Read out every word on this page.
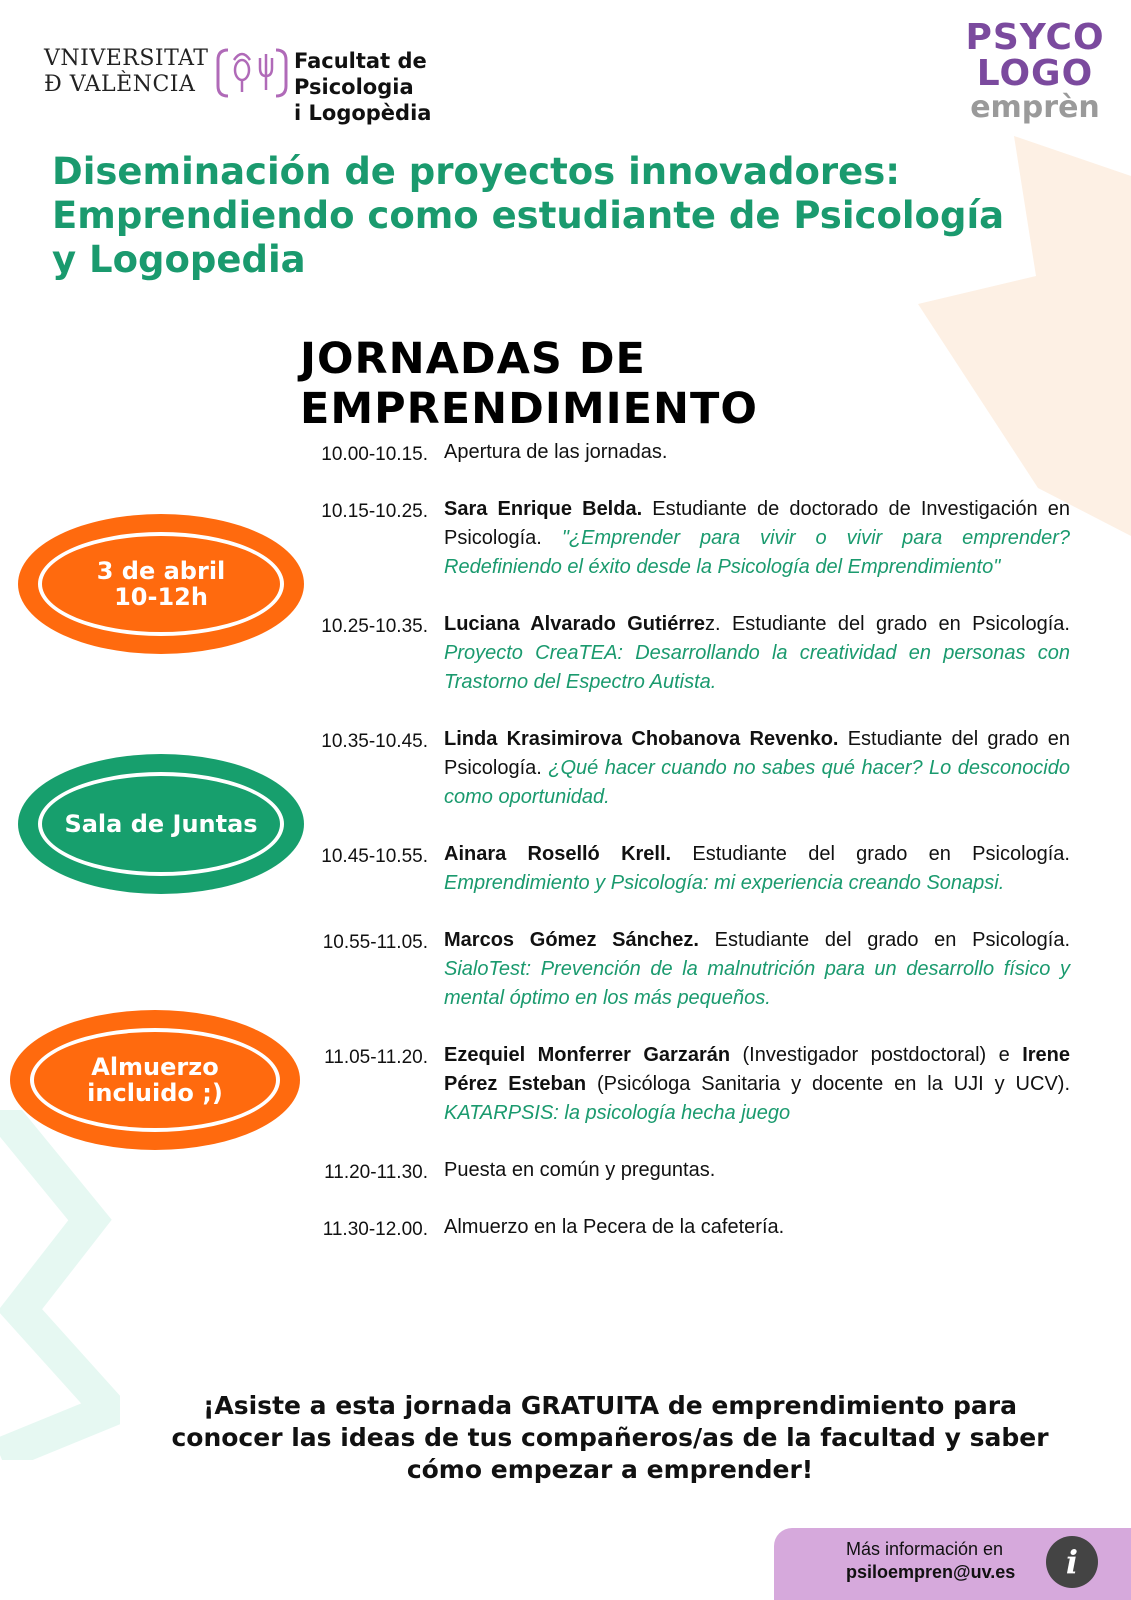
VNIVERSITAT
Ð VALÈNCIA
Facultat de Psicologia
i Logopèdia
PSYCO
LOGO
emprèn
Diseminación de proyectos innovadores:
Emprendiendo como estudiante de Psicología
y Logopedia
JORNADAS DE EMPRENDIMIENTO
3 de abril
10-12h
Sala de Juntas
Almuerzo
incluido ;)
10.00-10.15. Apertura de las jornadas.
10.15-10.25. Sara Enrique Belda. Estudiante de doctorado de Investigación en Psicología. "¿Emprender para vivir o vivir para emprender? Redefiniendo el éxito desde la Psicología del Emprendimiento"
10.25-10.35. Luciana Alvarado Gutiérrez. Estudiante del grado en Psicología. Proyecto CreaTEA: Desarrollando la creatividad en personas con Trastorno del Espectro Autista.
10.35-10.45. Linda Krasimirova Chobanova Revenko. Estudiante del grado en Psicología. ¿Qué hacer cuando no sabes qué hacer? Lo desconocido como oportunidad.
10.45-10.55. Ainara Roselló Krell. Estudiante del grado en Psicología. Emprendimiento y Psicología: mi experiencia creando Sonapsi.
10.55-11.05. Marcos Gómez Sánchez. Estudiante del grado en Psicología. SialoTest: Prevención de la malnutrición para un desarrollo físico y mental óptimo en los más pequeños.
11.05-11.20. Ezequiel Monferrer Garzarán (Investigador postdoctoral) e Irene Pérez Esteban (Psicóloga Sanitaria y docente en la UJI y UCV). KATARPSIS: la psicología hecha juego
11.20-11.30. Puesta en común y preguntas.
11.30-12.00. Almuerzo en la Pecera de la cafetería.

¡Asiste a esta jornada GRATUITA de emprendimiento para
conocer las ideas de tus compañeros/as de la facultad y saber
cómo empezar a emprender!

Más información en
psiloempren@uv.es	i
